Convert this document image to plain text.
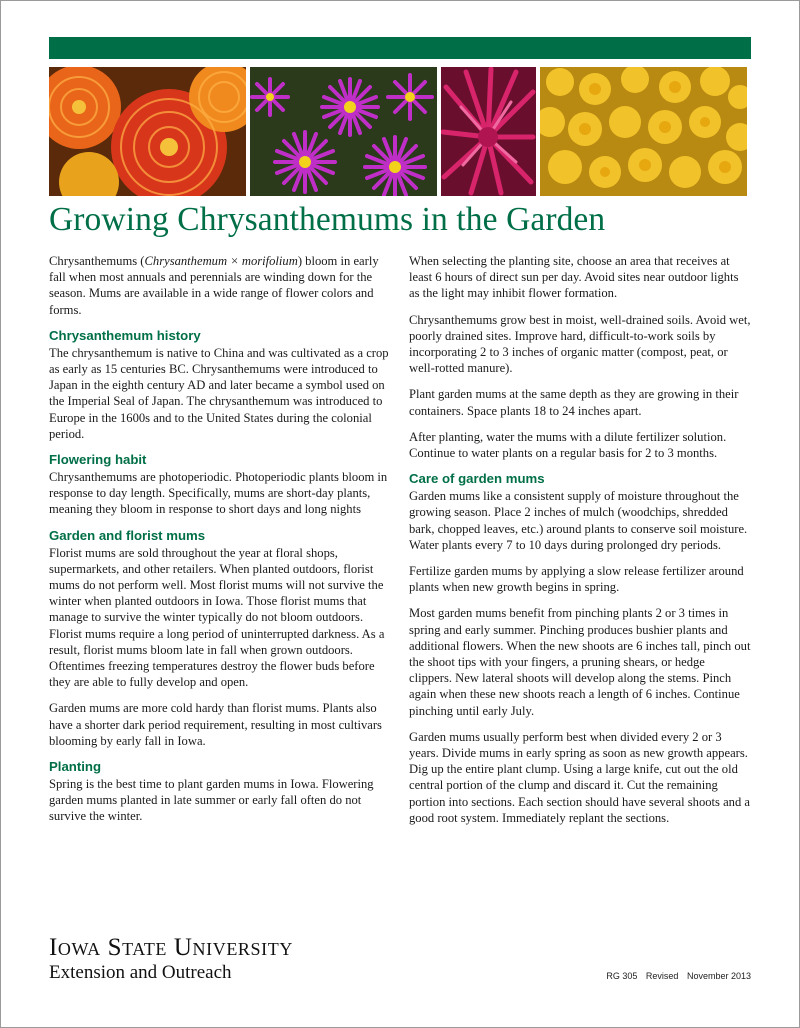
Growing Chrysanthemums in the Garden

Chrysanthemums (Chrysanthemum × morifolium) bloom in early fall when most annuals and perennials are winding down for the season. Mums are available in a wide range of flower colors and forms.

Chrysanthemum history

The chrysanthemum is native to China and was cultivated as a crop as early as 15 centuries BC. Chrysanthemums were introduced to Japan in the eighth century AD and later became a symbol used on the Imperial Seal of Japan. The chrysanthemum was introduced to Europe in the 1600s and to the United States during the colonial period.

Flowering habit

Chrysanthemums are photoperiodic. Photoperiodic plants bloom in response to day length. Specifically, mums are short-day plants, meaning they bloom in response to short days and long nights

Garden and florist mums

Florist mums are sold throughout the year at floral shops, supermarkets, and other retailers. When planted outdoors, florist mums do not perform well. Most florist mums will not survive the winter when planted outdoors in Iowa. Those florist mums that manage to survive the winter typically do not bloom outdoors. Florist mums require a long period of uninterrupted darkness. As a result, florist mums bloom late in fall when grown outdoors. Oftentimes freezing temperatures destroy the flower buds before they are able to fully develop and open.

Garden mums are more cold hardy than florist mums. Plants also have a shorter dark period requirement, resulting in most cultivars blooming by early fall in Iowa.

Planting

Spring is the best time to plant garden mums in Iowa. Flowering garden mums planted in late summer or early fall often do not survive the winter.

When selecting the planting site, choose an area that receives at least 6 hours of direct sun per day. Avoid sites near outdoor lights as the light may inhibit flower formation.

Chrysanthemums grow best in moist, well-drained soils. Avoid wet, poorly drained sites. Improve hard, difficult-to-work soils by incorporating 2 to 3 inches of organic matter (compost, peat, or well-rotted manure).

Plant garden mums at the same depth as they are growing in their containers. Space plants 18 to 24 inches apart.

After planting, water the mums with a dilute fertilizer solution. Continue to water plants on a regular basis for 2 to 3 months.

Care of garden mums

Garden mums like a consistent supply of moisture throughout the growing season. Place 2 inches of mulch (woodchips, shredded bark, chopped leaves, etc.) around plants to conserve soil moisture. Water plants every 7 to 10 days during prolonged dry periods.

Fertilize garden mums by applying a slow release fertilizer around plants when new growth begins in spring.

Most garden mums benefit from pinching plants 2 or 3 times in spring and early summer. Pinching produces bushier plants and additional flowers. When the new shoots are 6 inches tall, pinch out the shoot tips with your fingers, a pruning shears, or hedge clippers. New lateral shoots will develop along the stems. Pinch again when these new shoots reach a length of 6 inches. Continue pinching until early July.

Garden mums usually perform best when divided every 2 or 3 years. Divide mums in early spring as soon as new growth appears. Dig up the entire plant clump. Using a large knife, cut out the old central portion of the clump and discard it. Cut the remaining portion into sections. Each section should have several shoots and a good root system. Immediately replant the sections.

Iowa State University
Extension and Outreach	RG 305 Revised November 2013
